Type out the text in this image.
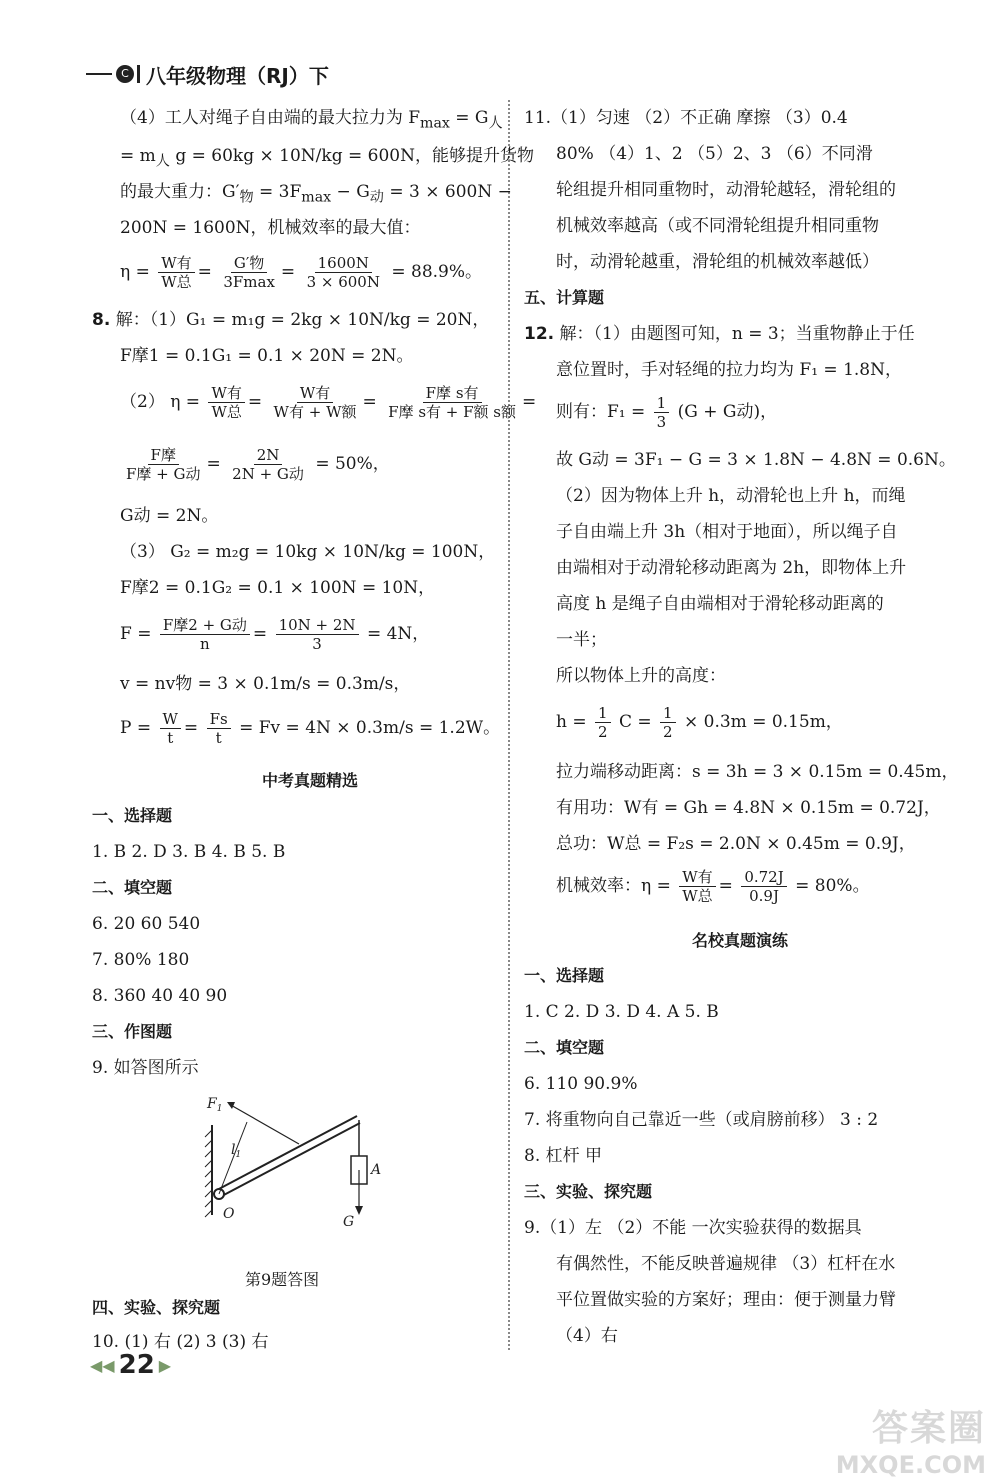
C 八年级物理（RJ）下
（4）工人对绳子自由端的最大拉力为 $F_{max} = G_人$
= $m_人$ g = 60kg × 10N/kg = 600N，能够提升货物
的最大重力：$G'_物 = 3F_{max} - G_动 = 3 \times 600N$ −
200N = 1600N，机械效率的最大值：
$\eta = \frac{\text{W有}}{\text{W总}} = \frac{\text{G′物}}{3Fmax} = \frac{1600N}{3 \times 600N} = 88.9\%$。
8. 解：（1）G₁ = m₁g = 2kg × 10N/kg = 20N，
F摩1 = 0.1G₁ = 0.1 × 20N = 2N。
（2） $\eta = \frac{\text{W有}}{\text{W总}} = \frac{\text{W有}}{\text{W有 + W额}} = \frac{\text{F摩 s有}}{\text{F摩 s有 + F额 s额}}$ =
$\frac{\text{F摩}}{\text{F摩 + G动}} = \frac{2N}{\text{2N + G动}} = 50\%$，
G动 = 2N。
（3） G₂ = m₂g = 10kg × 10N/kg = 100N，
F摩2 = 0.1G₂ = 0.1 × 100N = 10N，
$F = \frac{\text{F摩2 + G动}}{n} = \frac{10N + 2N}{3} = 4N$，
v = nv物 = 3 × 0.1m/s = 0.3m/s，
$P = \frac{W}{t} = \frac{Fs}{t} = Fv = 4N \times 0.3m/s = 1.2W$。
中考真题精选
一、选择题
1. B 2. D 3. B 4. B 5. B
二、填空题
6. 20 60 540
7. 80% 180
8. 360 40 40 90
三、作图题
9. 如答图所示
$F_1$
$l_1$
A
O	G
第9题答图
四、实验、探究题
10. (1) 右 (2) 3 (3) 右
11.（1）匀速 （2）不正确 摩擦 （3）0.4
80% （4）1、2 （5）2、3 （6）不同滑
轮组提升相同重物时，动滑轮越轻，滑轮组的
机械效率越高（或不同滑轮组提升相同重物
时，动滑轮越重，滑轮组的机械效率越低）
五、计算题
12. 解：（1）由题图可知，n = 3；当重物静止于任
意位置时，手对轻绳的拉力均为 F₁ = 1.8N，
则有：$F_1 = \frac{1}{3} (G + G$动)，
故 G动 = 3F₁ − G = 3 × 1.8N − 4.8N = 0.6N。
（2）因为物体上升 h，动滑轮也上升 h，而绳
子自由端上升 3h（相对于地面），所以绳子自
由端相对于动滑轮移动距离为 2h，即物体上升
高度 h 是绳子自由端相对于滑轮移动距离的
一半；
所以物体上升的高度：
$h = \frac{1}{2}$ $C = \frac{1}{2} \times 0.3m = 0.15m$，
拉力端移动距离：s = 3h = 3 × 0.15m = 0.45m，
有用功：W有 = Gh = 4.8N × 0.15m = 0.72J，
总功：W总 = F₂s = 2.0N × 0.45m = 0.9J，
机械效率：$\eta = \frac{\text{W有}}{\text{W总}} = \frac{0.72J}{0.9J} = 80\%$。
名校真题演练
一、选择题
1. C 2. D 3. D 4. A 5. B
二、填空题
6. 110 90.9%
7. 将重物向自己靠近一些（或肩膀前移） 3 : 2
8. 杠杆 甲
三、实验、探究题
9.（1）左 （2）不能 一次实验获得的数据具
有偶然性，不能反映普遍规律 （3）杠杆在水
平位置做实验的方案好；理由：便于测量力臂
（4）右
◀◀ 22 ▶
答案圈
MXQE.COM
